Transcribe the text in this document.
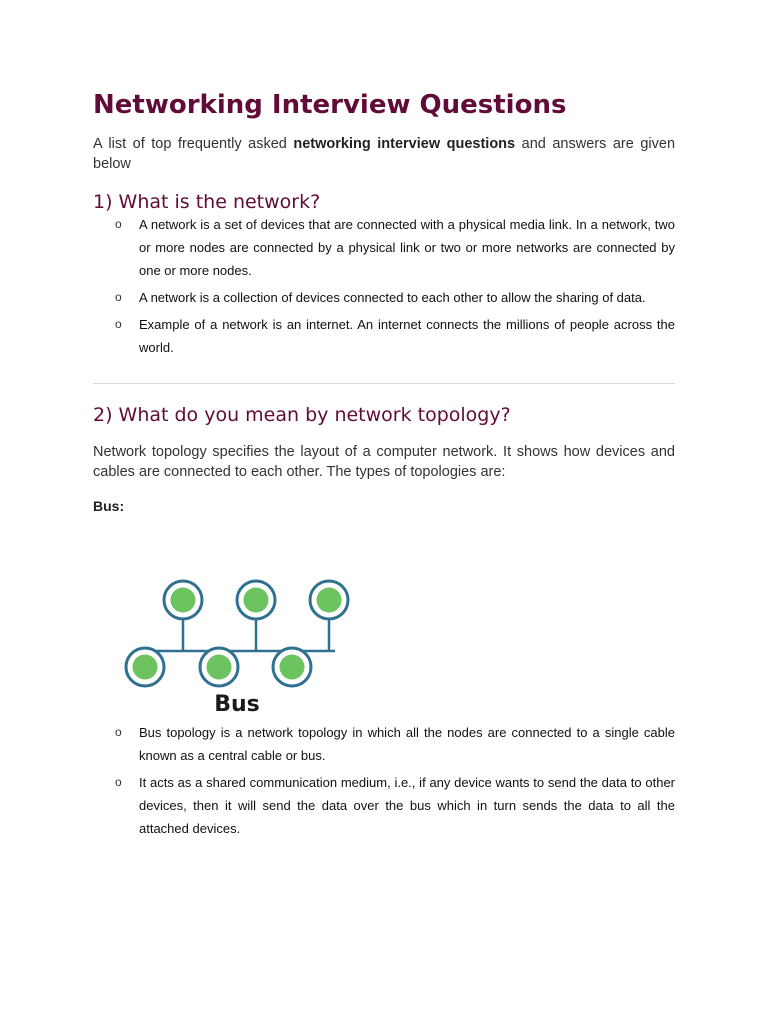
Networking Interview Questions

A list of top frequently asked networking interview questions and answers are given below

1) What is the network?
o A network is a set of devices that are connected with a physical media link. In a network, two or more nodes are connected by a physical link or two or more networks are connected by one or more nodes.
o A network is a collection of devices connected to each other to allow the sharing of data.
o Example of a network is an internet. An internet connects the millions of people across the world.
2) What do you mean by network topology?

Network topology specifies the layout of a computer network. It shows how devices and cables are connected to each other. The types of topologies are:

Bus:

Bus
o Bus topology is a network topology in which all the nodes are connected to a single cable known as a central cable or bus.
o It acts as a shared communication medium, i.e., if any device wants to send the data to other devices, then it will send the data over the bus which in turn sends the data to all the attached devices.
